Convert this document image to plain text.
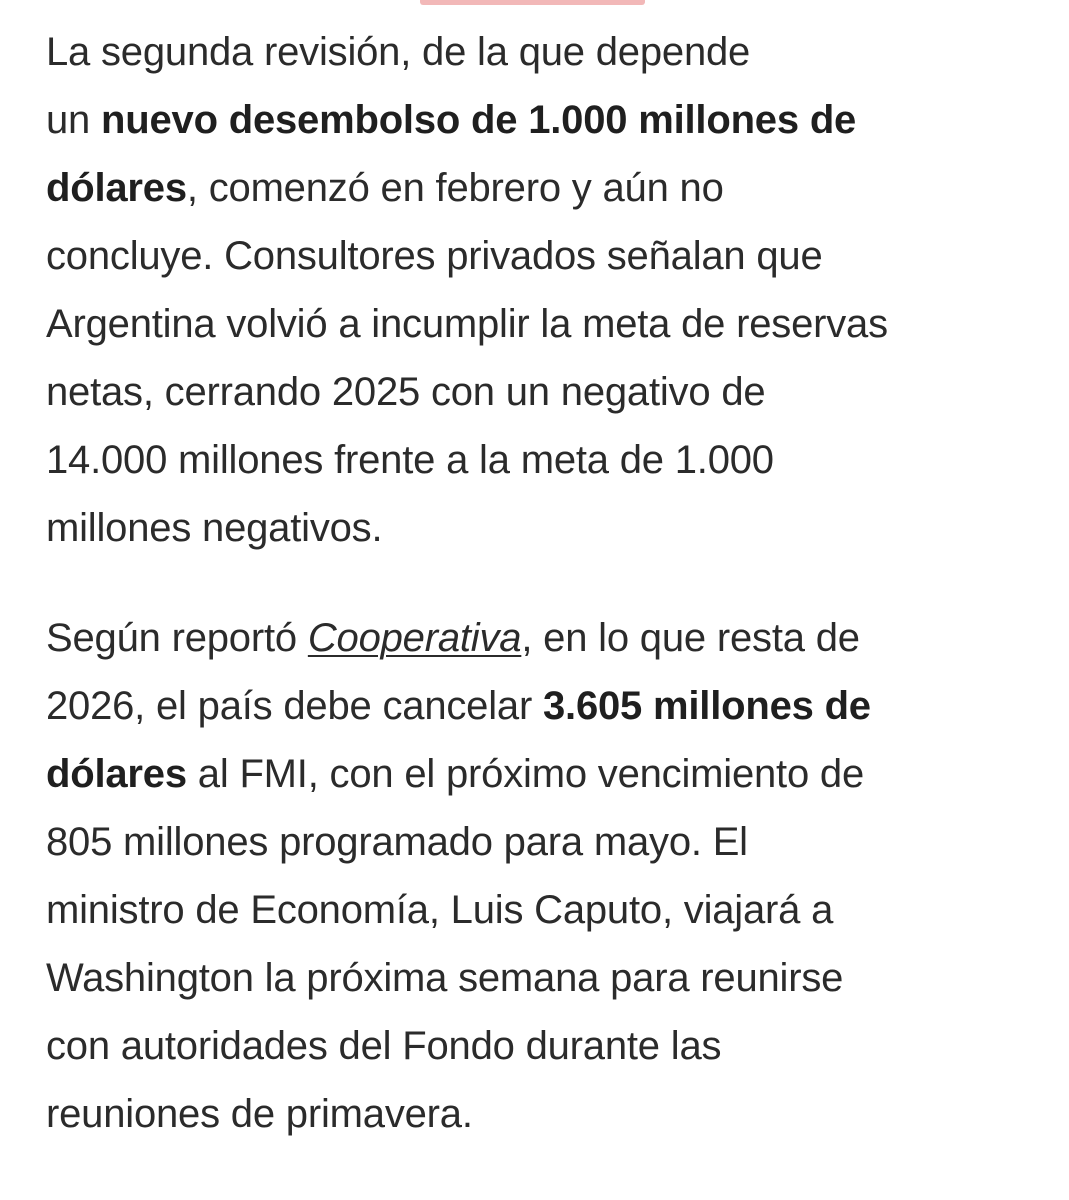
La segunda revisión, de la que depende
un nuevo desembolso de 1.000 millones de
dólares, comenzó en febrero y aún no
concluye. Consultores privados señalan que
Argentina volvió a incumplir la meta de reservas
netas, cerrando 2025 con un negativo de
14.000 millones frente a la meta de 1.000
millones negativos.

Según reportó Cooperativa, en lo que resta de
2026, el país debe cancelar 3.605 millones de
dólares al FMI, con el próximo vencimiento de
805 millones programado para mayo. El
ministro de Economía, Luis Caputo, viajará a
Washington la próxima semana para reunirse
con autoridades del Fondo durante las
reuniones de primavera.
